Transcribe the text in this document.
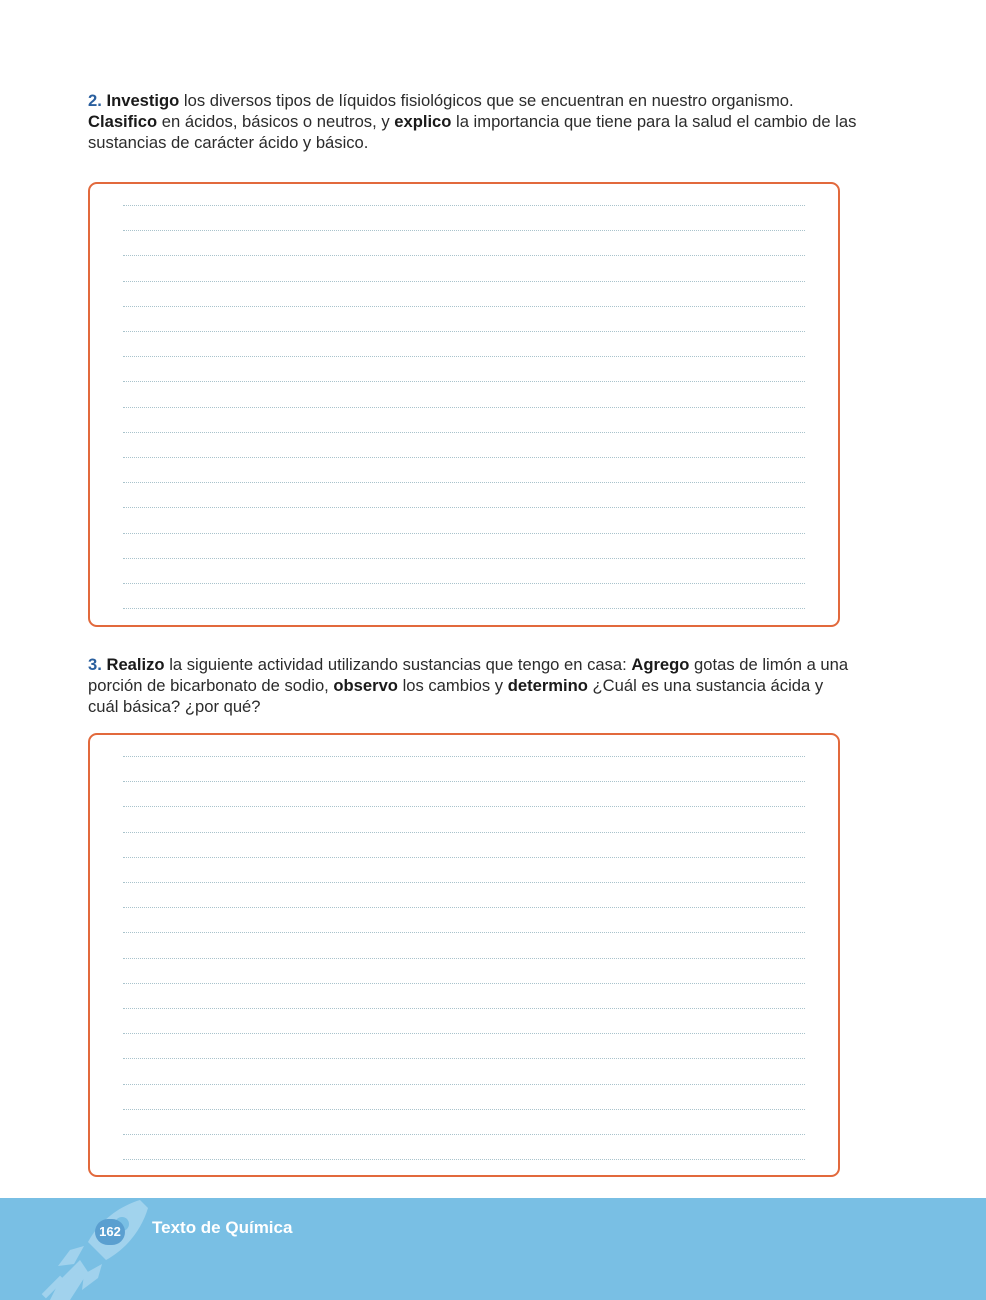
2. Investigo los diversos tipos de líquidos fisiológicos que se encuentran en nuestro organismo. Clasifico en ácidos, básicos o neutros, y explico la importancia que tiene para la salud el cambio de las sustancias de carácter ácido y básico.
3. Realizo la siguiente actividad utilizando sustancias que tengo en casa: Agrego gotas de limón a una porción de bicarbonato de sodio, observo los cambios y determino ¿Cuál es una sustancia ácida y cuál básica? ¿por qué?
162 Texto de Química
